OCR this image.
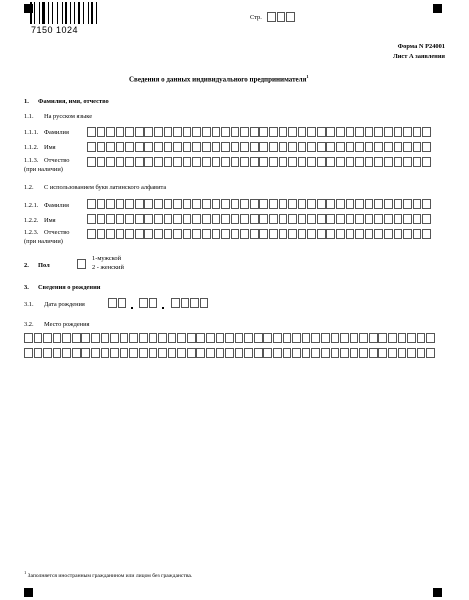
7150 1024
Стр.
Форма N Р24001
Лист А заявления
Сведения о данных индивидуального предпринимателя$^1$
1. Фамилия, имя, отчество
1.1. На русском языке
1.1.1. Фамилия
1.1.2. Имя
1.1.3. Отчество
(при наличии)
1.2. С использованием букв латинского алфавита
1.2.1. Фамилия
1.2.2. Имя
1.2.3. Отчество
(при наличии)
2. Пол
1-мужской
2 - женский
3. Сведения о рождении
3.1. Дата рождения
3.2. Место рождения
$^1$ Заполняется иностранным гражданином или лицом без гражданства.
